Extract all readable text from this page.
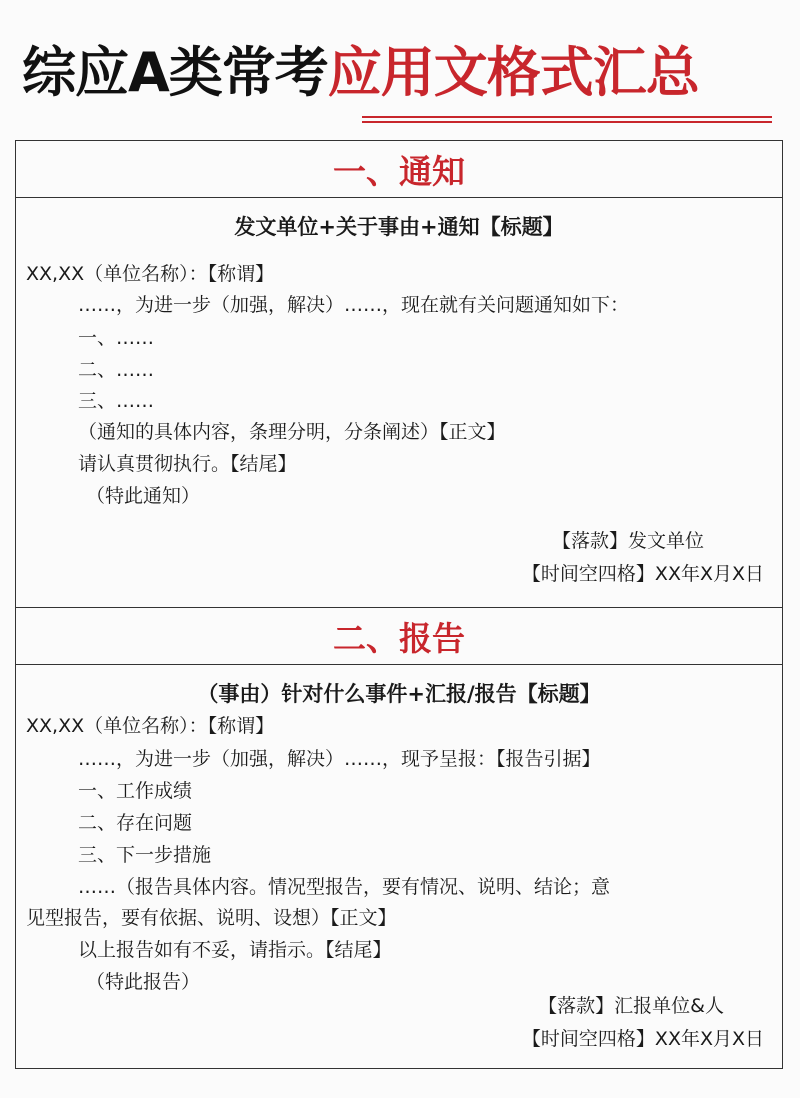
综应A类常考应用文格式汇总
一、通知
发文单位+关于事由+通知【标题】
XX,XX（单位名称）：【称谓】
……，为进一步（加强，解决）……，现在就有关问题通知如下：
一、……
二、……
三、……
（通知的具体内容，条理分明，分条阐述）【正文】
请认真贯彻执行。【结尾】
（特此通知）
【落款】发文单位
【时间空四格】XX年X月X日
二、报告
（事由）针对什么事件+汇报/报告【标题】
XX,XX（单位名称）：【称谓】
……，为进一步（加强，解决）……，现予呈报：【报告引据】
一、工作成绩
二、存在问题
三、下一步措施
……（报告具体内容。情况型报告，要有情况、说明、结论；意
见型报告，要有依据、说明、设想）【正文】
以上报告如有不妥，请指示。【结尾】
（特此报告）
【落款】汇报单位&人
【时间空四格】XX年X月X日
